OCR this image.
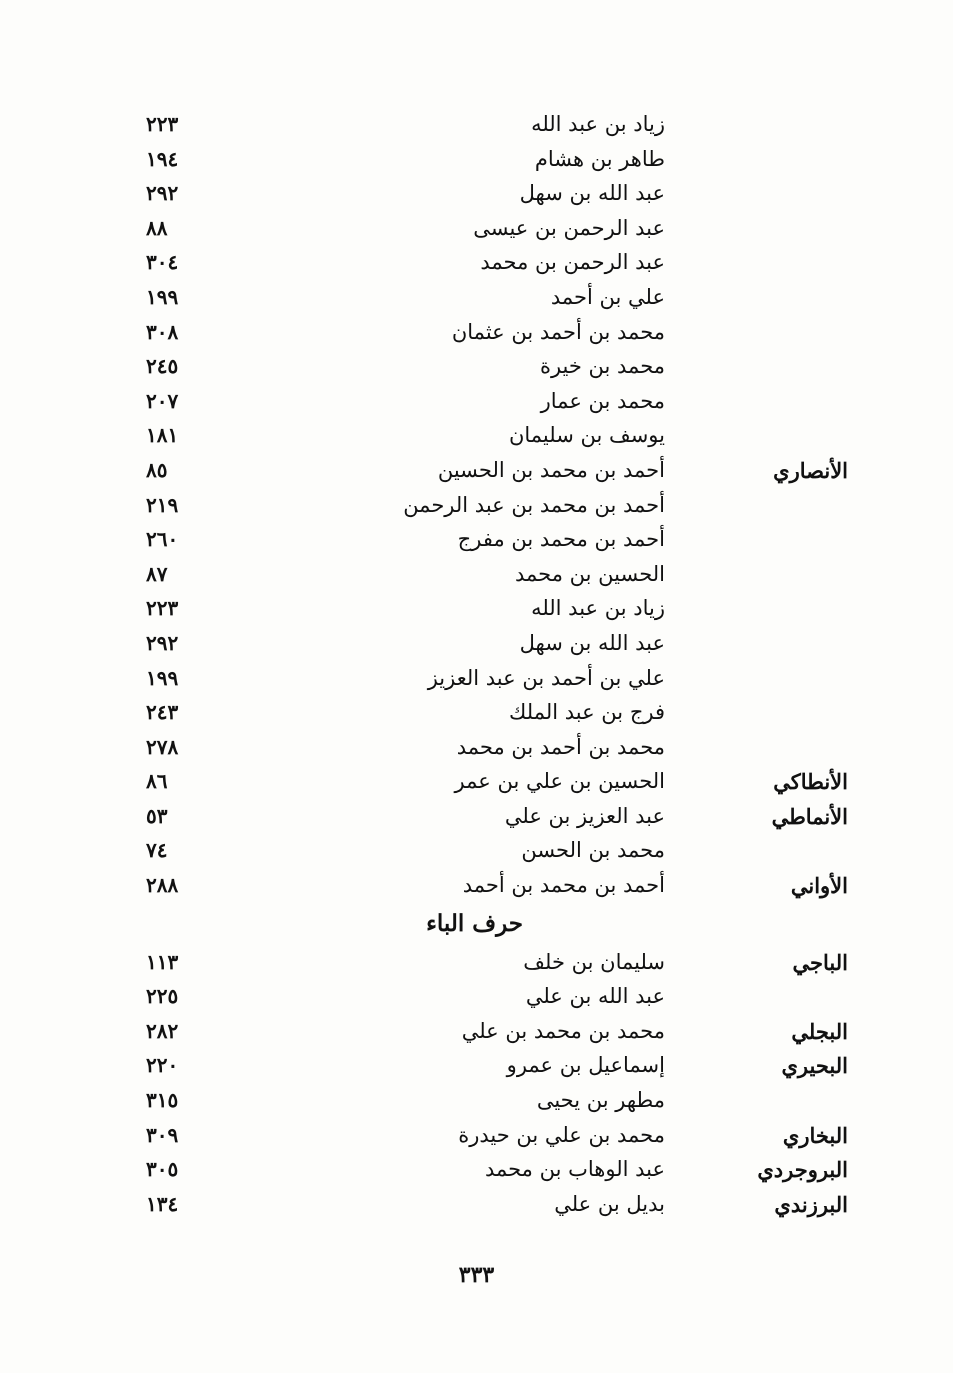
زياد بن عبد الله
٢٢٣
طاهر بن هشام
١٩٤
عبد الله بن سهل
٢٩٢
عبد الرحمن بن عيسى
٨٨
عبد الرحمن بن محمد
٣٠٤
علي بن أحمد
١٩٩
محمد بن أحمد بن عثمان
٣٠٨
محمد بن خيرة
٢٤٥
محمد بن عمار
٢٠٧
يوسف بن سليمان
١٨١
الأنصاري
أحمد بن محمد بن الحسين
٨٥
أحمد بن محمد بن عبد الرحمن
٢١٩
أحمد بن محمد بن مفرج
٢٦٠
الحسين بن محمد
٨٧
زياد بن عبد الله
٢٢٣
عبد الله بن سهل
٢٩٢
علي بن أحمد بن عبد العزيز
١٩٩
فرج بن عبد الملك
٢٤٣
محمد بن أحمد بن محمد
٢٧٨
الأنطاكي
الحسين بن علي بن عمر
٨٦
الأنماطي
عبد العزيز بن علي
٥٣
محمد بن الحسن
٧٤
الأواني
أحمد بن محمد بن أحمد
٢٨٨
حرف الباء
الباجي
سليمان بن خلف
١١٣
عبد الله بن علي
٢٢٥
البجلي
محمد بن محمد بن علي
٢٨٢
البحيري
إسماعيل بن عمرو
٢٢٠
مطهر بن يحيى
٣١٥
البخاري
محمد بن علي بن حيدرة
٣٠٩
البروجردي
عبد الوهاب بن محمد
٣٠٥
البرزندي
بديل بن علي
١٣٤
٣٣٣
